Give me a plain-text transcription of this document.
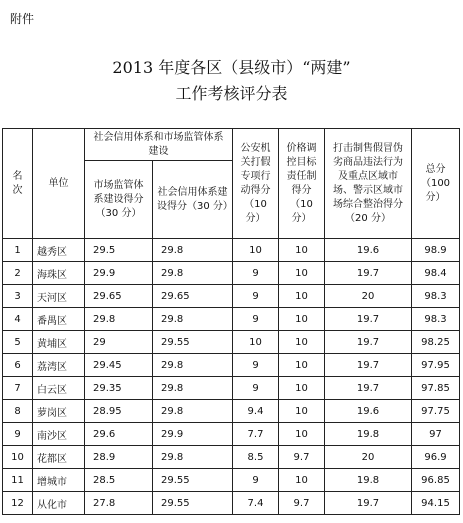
附件
2013 年度各区（县级市）“两建”
工作考核评分表
名次	单位	社会信用体系和市场监管体系建设		公安机关打假专项行动得分（10 分）	价格调控目标责任制得分（10 分）	打击制售假冒伪劣商品违法行为及重点区域市场、警示区域市场综合整治得分（20 分）	总分（100 分）
		市场监管体系建设得分（30 分）	社会信用体系建设得分（30 分）				
1	越秀区	29.5	29.8	10	10	19.6	98.9
2	海珠区	29.9	29.8	9	10	19.7	98.4
3	天河区	29.65	29.65	9	10	20	98.3
4	番禺区	29.8	29.8	9	10	19.7	98.3
5	黄埔区	29	29.55	10	10	19.7	98.25
6	荔湾区	29.45	29.8	9	10	19.7	97.95
7	白云区	29.35	29.8	9	10	19.7	97.85
8	萝岗区	28.95	29.8	9.4	10	19.6	97.75
9	南沙区	29.6	29.9	7.7	10	19.8	97
10	花都区	28.9	29.8	8.5	9.7	20	96.9
11	增城市	28.5	29.55	9	10	19.8	96.85
12	从化市	27.8	29.55	7.4	9.7	19.7	94.15
